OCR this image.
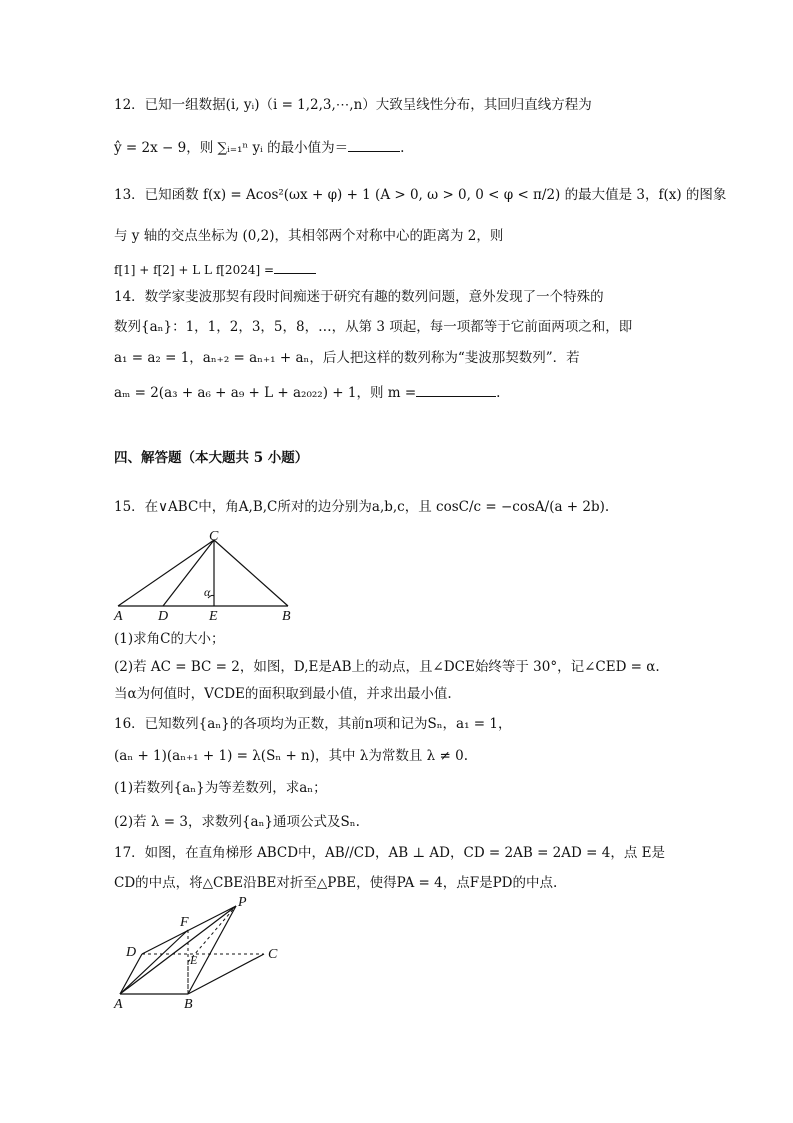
12．已知一组数据(i, yᵢ)（i = 1,2,3,⋯,n）大致呈线性分布，其回归直线方程为
ŷ = 2x − 9，则 ∑ᵢ₌₁ⁿ yᵢ 的最小值为＝	.
13．已知函数 f(x) = Acos²(ωx + φ) + 1 (A > 0, ω > 0, 0 < φ < π/2) 的最大值是 3，f(x) 的图象
与 y 轴的交点坐标为 (0,2)，其相邻两个对称中心的距离为 2，则
f[1] + f[2] + L L f[2024] =
14．数学家斐波那契有段时间痴迷于研究有趣的数列问题，意外发现了一个特殊的
数列{aₙ}：1，1，2，3，5，8，…，从第 3 项起，每一项都等于它前面两项之和，即
a₁ = a₂ = 1，aₙ₊₂ = aₙ₊₁ + aₙ，后人把这样的数列称为“斐波那契数列”．若
aₘ = 2(a₃ + a₆ + a₉ + L + a₂₀₂₂) + 1，则 m =	.
四、解答题（本大题共 5 小题）
15．在∨ABC中，角A,B,C所对的边分别为a,b,c，且 cosC/c = −cosA/(a + 2b).
C
A	D
α
E	B
(1)求角C的大小；
(2)若 AC = BC = 2，如图，D,E是AB上的动点，且∠DCE始终等于 30°，记∠CED = α.
当α为何值时，VCDE的面积取到最小值，并求出最小值.
16．已知数列{aₙ}的各项均为正数，其前n项和记为Sₙ，a₁ = 1，
(aₙ + 1)(aₙ₊₁ + 1) = λ(Sₙ + n)，其中 λ为常数且 λ ≠ 0.
(1)若数列{aₙ}为等差数列，求aₙ；
(2)若 λ = 3，求数列{aₙ}通项公式及Sₙ.
17．如图，在直角梯形 ABCD中，AB//CD，AB ⊥ AD，CD = 2AB = 2AD = 4，点 E是
CD的中点，将△CBE沿BE对折至△PBE，使得PA = 4，点F是PD的中点.
P
F
D	E	C
A	B
